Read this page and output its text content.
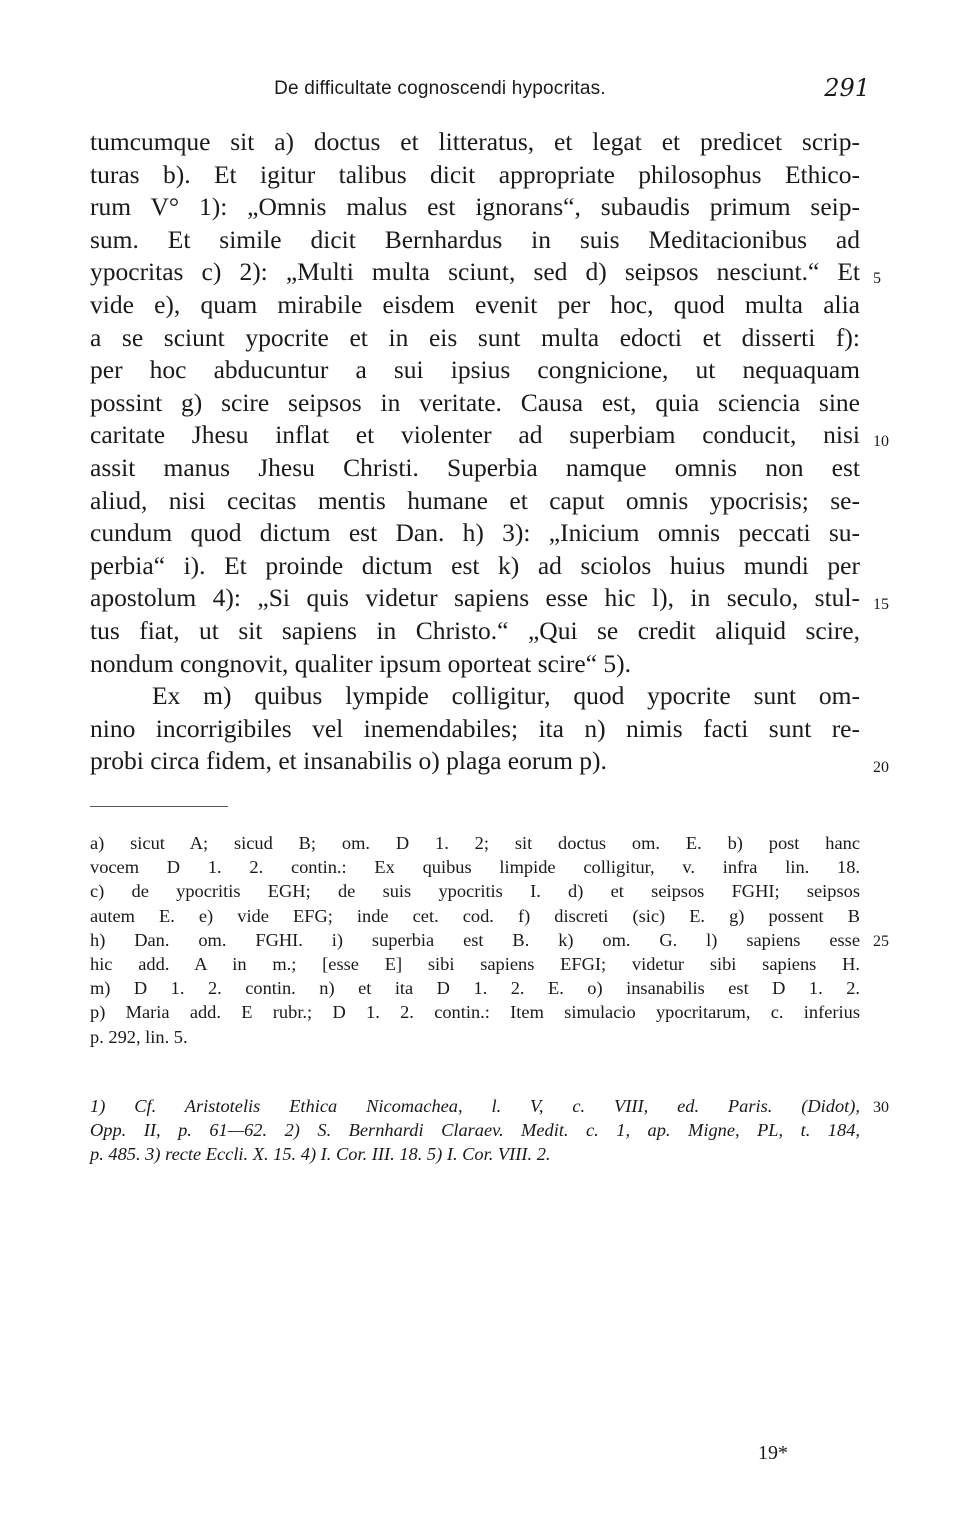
De difficultate cognoscendi hypocritas.	291
tumcumque sit a) doctus et litteratus, et legat et predicet scrip-
turas b). Et igitur talibus dicit appropriate philosophus Ethico-
rum V° 1): „Omnis malus est ignorans“, subaudis primum seip-
sum. Et simile dicit Bernhardus in suis Meditacionibus ad
ypocritas c) 2): „Multi multa sciunt, sed d) seipsos nesciunt.“ Et 5
vide e), quam mirabile eisdem evenit per hoc, quod multa alia
a se sciunt ypocrite et in eis sunt multa edocti et disserti f):
per hoc abducuntur a sui ipsius congnicione, ut nequaquam
possint g) scire seipsos in veritate. Causa est, quia sciencia sine
caritate Jhesu inflat et violenter ad superbiam conducit, nisi 10
assit manus Jhesu Christi. Superbia namque omnis non est
aliud, nisi cecitas mentis humane et caput omnis ypocrisis; se-
cundum quod dictum est Dan. h) 3): „Inicium omnis peccati su-
perbia“ i). Et proinde dictum est k) ad sciolos huius mundi per
apostolum 4): „Si quis videtur sapiens esse hic l), in seculo, stul- 15
tus fiat, ut sit sapiens in Christo.“ „Qui se credit aliquid scire,
nondum congnovit, qualiter ipsum oporteat scire“ 5).
Ex m) quibus lympide colligitur, quod ypocrite sunt om-
nino incorrigibiles vel inemendabiles; ita n) nimis facti sunt re-
probi circa fidem, et insanabilis o) plaga eorum p).	20
a) sicut A; sicud B; om. D 1. 2; sit doctus om. E. b) post hanc
vocem D 1. 2. contin.: Ex quibus limpide colligitur, v. infra lin. 18.
c) de ypocritis EGH; de suis ypocritis I. d) et seipsos FGHI; seipsos
autem E. e) vide EFG; inde cet. cod. f) discreti (sic) E. g) possent B
h) Dan. om. FGHI. i) superbia est B. k) om. G. l) sapiens esse 25
hic add. A in m.; [esse E] sibi sapiens EFGI; videtur sibi sapiens H.
m) D 1. 2. contin. n) et ita D 1. 2. E. o) insanabilis est D 1. 2.
p) Maria add. E rubr.; D 1. 2. contin.: Item simulacio ypocritarum, c. inferius
p. 292, lin. 5.
1) Cf. Aristotelis Ethica Nicomachea, l. V, c. VIII, ed. Paris. (Didot), 30
Opp. II, p. 61—62. 2) S. Bernhardi Claraev. Medit. c. 1, ap. Migne, PL, t. 184,
p. 485. 3) recte Eccli. X. 15. 4) I. Cor. III. 18. 5) I. Cor. VIII. 2.
19*
